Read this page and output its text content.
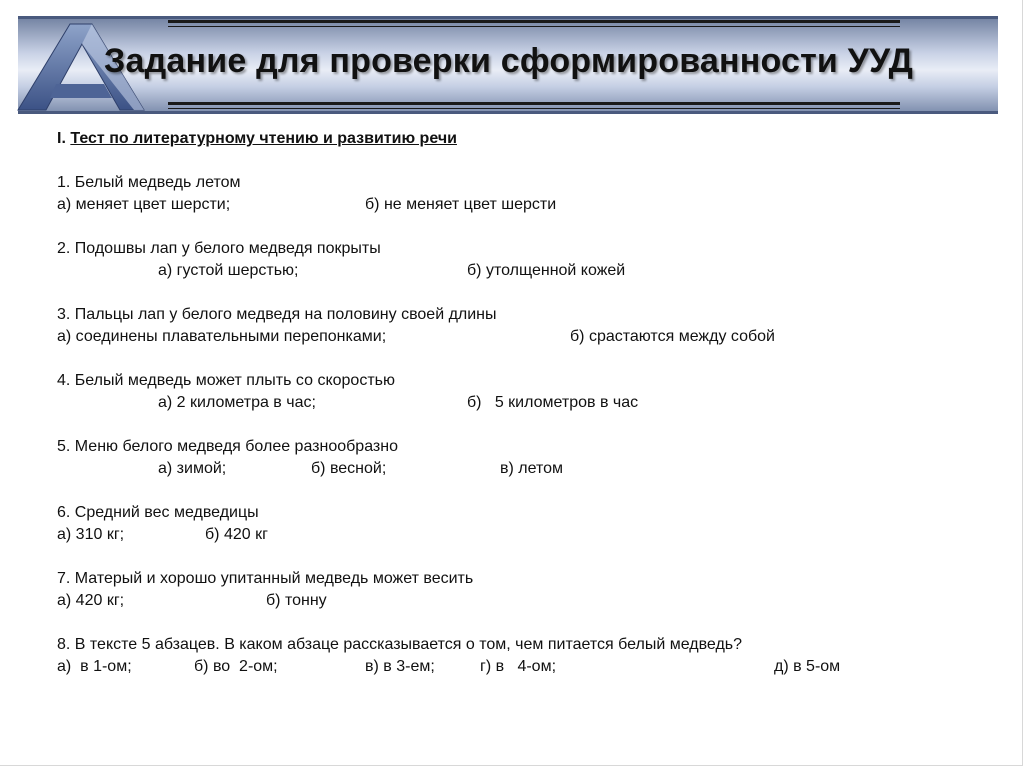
Задание для проверки сформированности УУД
I. Тест по литературному чтению и развитию речи
1. Белый медведь летом
а) меняет цвет шерсти;	б) не меняет цвет шерсти
2. Подошвы лап у белого медведя покрыты
а) густой шерстью;	б) утолщенной кожей
3. Пальцы лап у белого медведя на половину своей длины
а) соединены плавательными перепонками;	б) срастаются между собой
4. Белый медведь может плыть со скоростью
а) 2 километра в час;	б)   5 километров в час
5. Меню белого медведя более разнообразно
а) зимой;	б) весной;	в) летом
6. Средний вес медведицы
а) 310 кг;	б) 420 кг
7. Матерый и хорошо упитанный медведь может весить
а) 420 кг;	б) тонну
8. В тексте 5 абзацев. В каком абзаце рассказывается о том, чем питается белый медведь?
а)  в 1-ом;	б) во  2-ом;	в) в 3-ем;	г) в   4-ом;	д) в 5-ом
